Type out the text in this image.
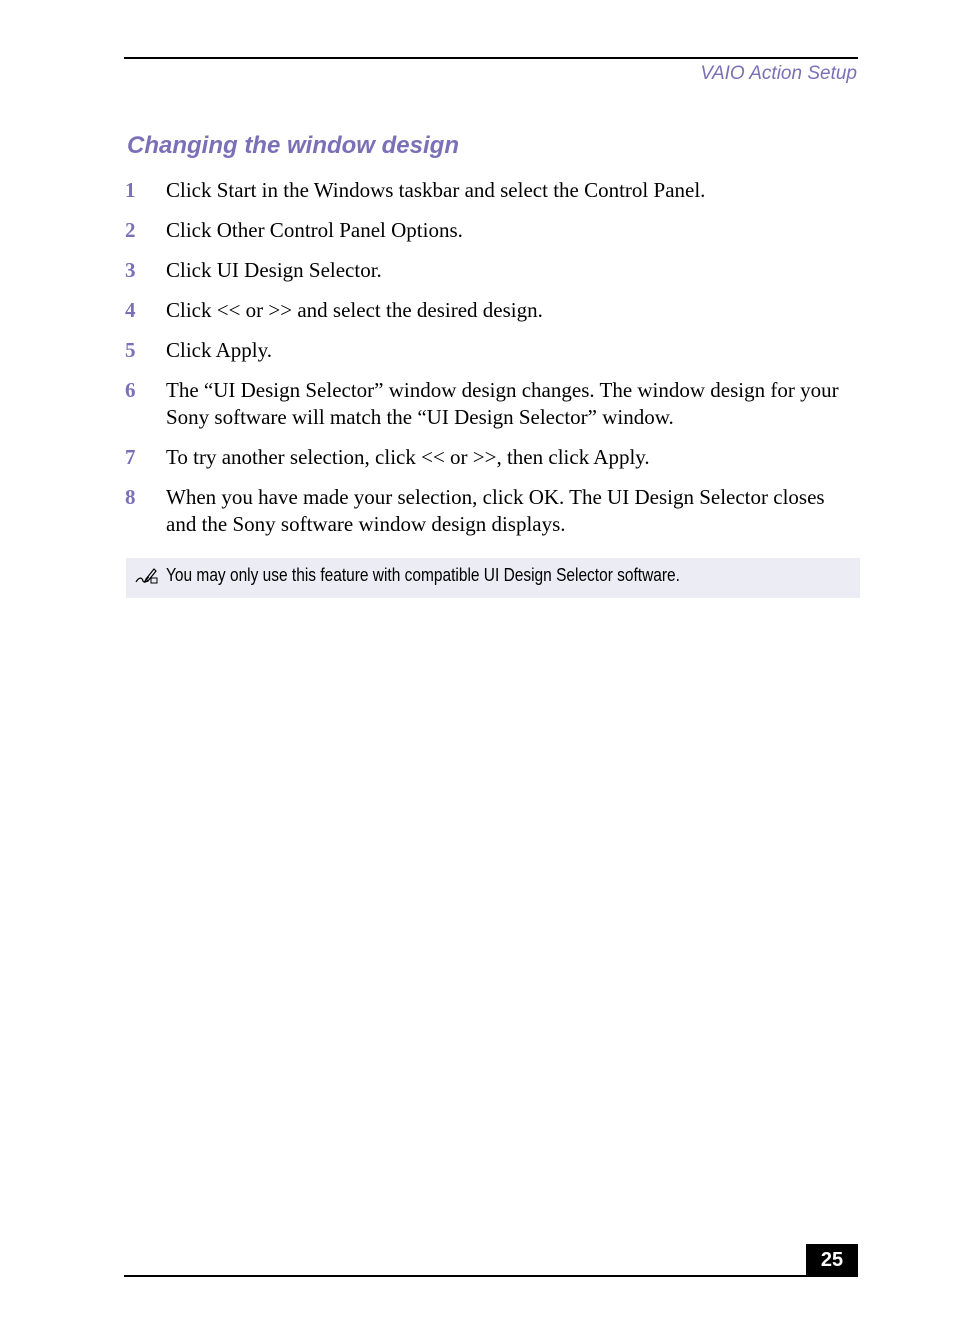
VAIO Action Setup
Changing the window design
1 Click Start in the Windows taskbar and select the Control Panel.
2 Click Other Control Panel Options.
3 Click UI Design Selector.
4 Click << or >> and select the desired design.
5 Click Apply.
6 The “UI Design Selector” window design changes. The window design for your Sony software will match the “UI Design Selector” window.
7 To try another selection, click << or >>, then click Apply.
8 When you have made your selection, click OK. The UI Design Selector closes and the Sony software window design displays.
You may only use this feature with compatible UI Design Selector software.
25
